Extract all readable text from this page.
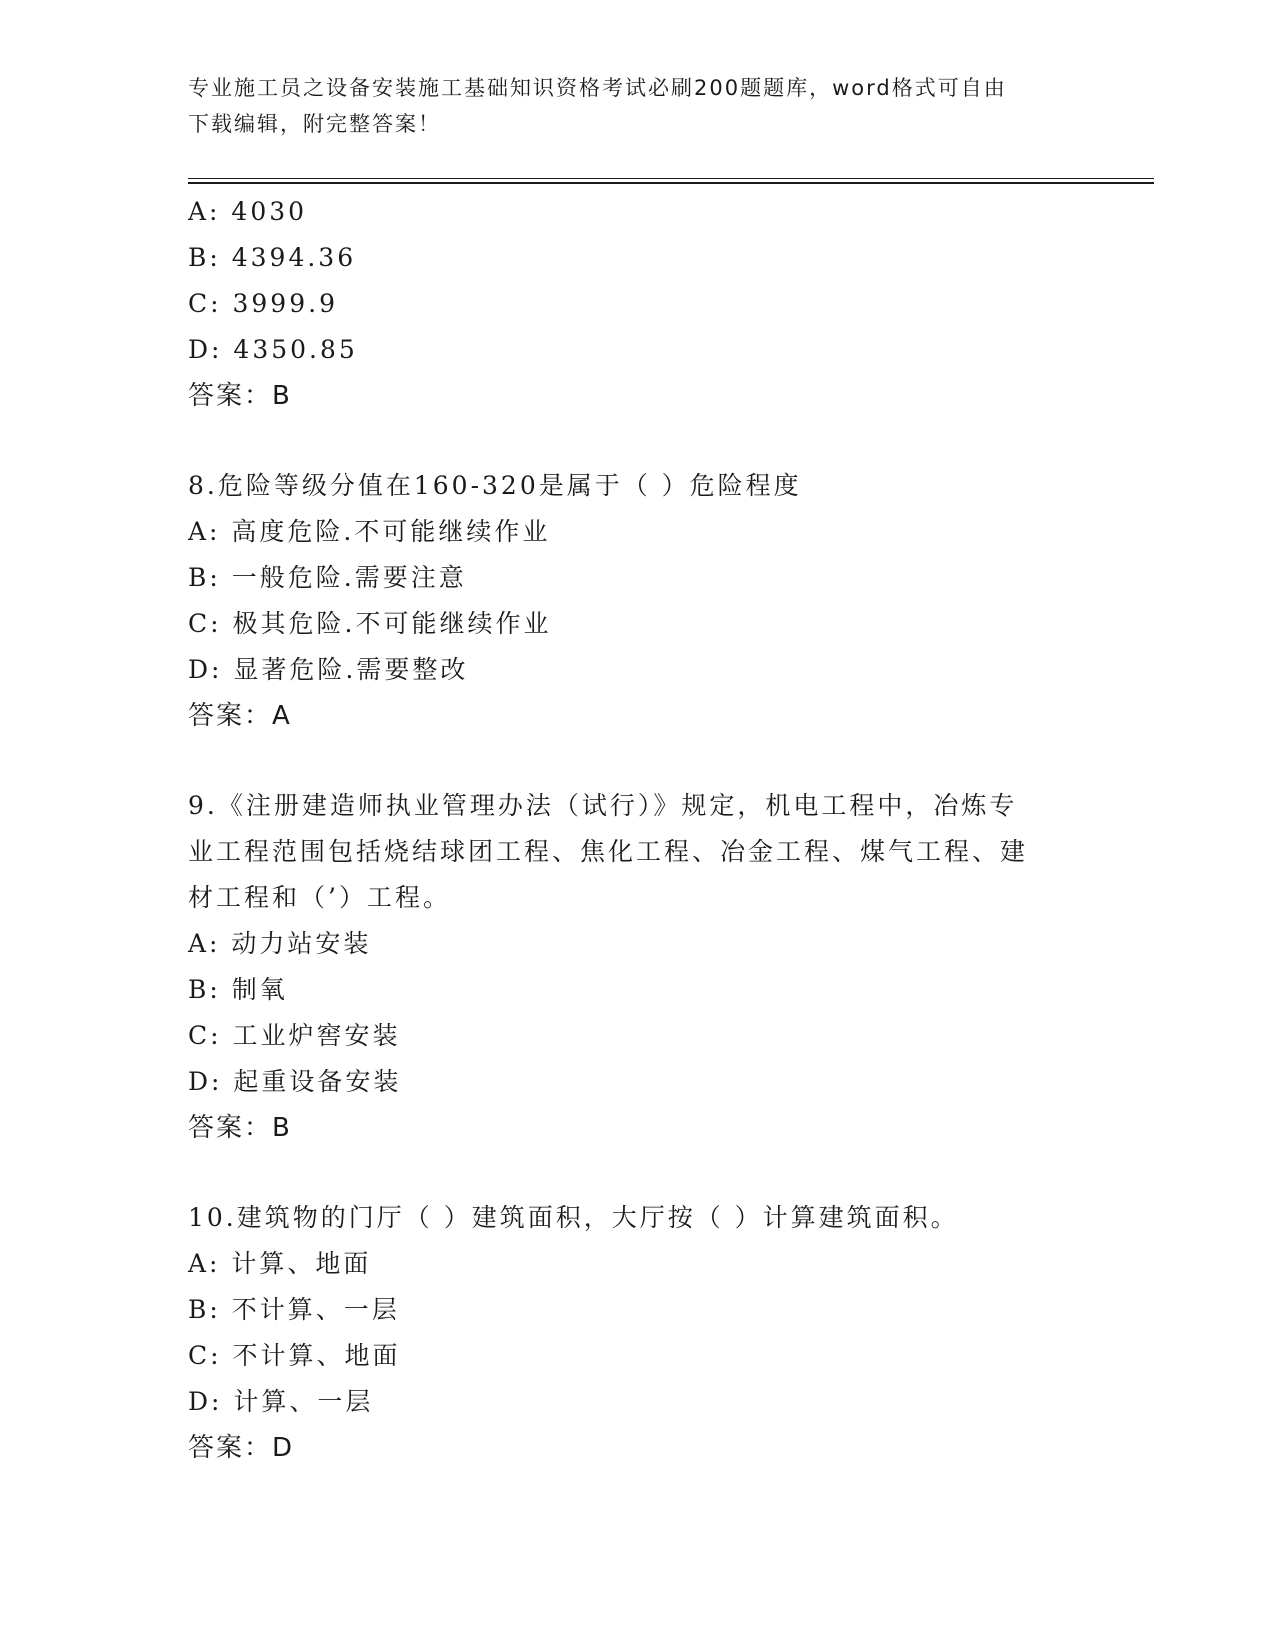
专业施工员之设备安装施工基础知识资格考试必刷200题题库，word格式可自由
下载编辑，附完整答案！
A: 4030
B: 4394.36
C: 3999.9
D: 4350.85
答案：B
8.危险等级分值在160-320是属于（ ）危险程度
A: 高度危险.不可能继续作业
B: 一般危险.需要注意
C: 极其危险.不可能继续作业
D: 显著危险.需要整改
答案：A
9.《注册建造师执业管理办法（试行）》规定，机电工程中，冶炼专
业工程范围包括烧结球团工程、焦化工程、冶金工程、煤气工程、建
材工程和（’）工程。
A: 动力站安装
B: 制氧
C: 工业炉窖安装
D: 起重设备安装
答案：B
10.建筑物的门厅（ ）建筑面积，大厅按（ ）计算建筑面积。
A: 计算、地面
B: 不计算、一层
C: 不计算、地面
D: 计算、一层
答案：D
